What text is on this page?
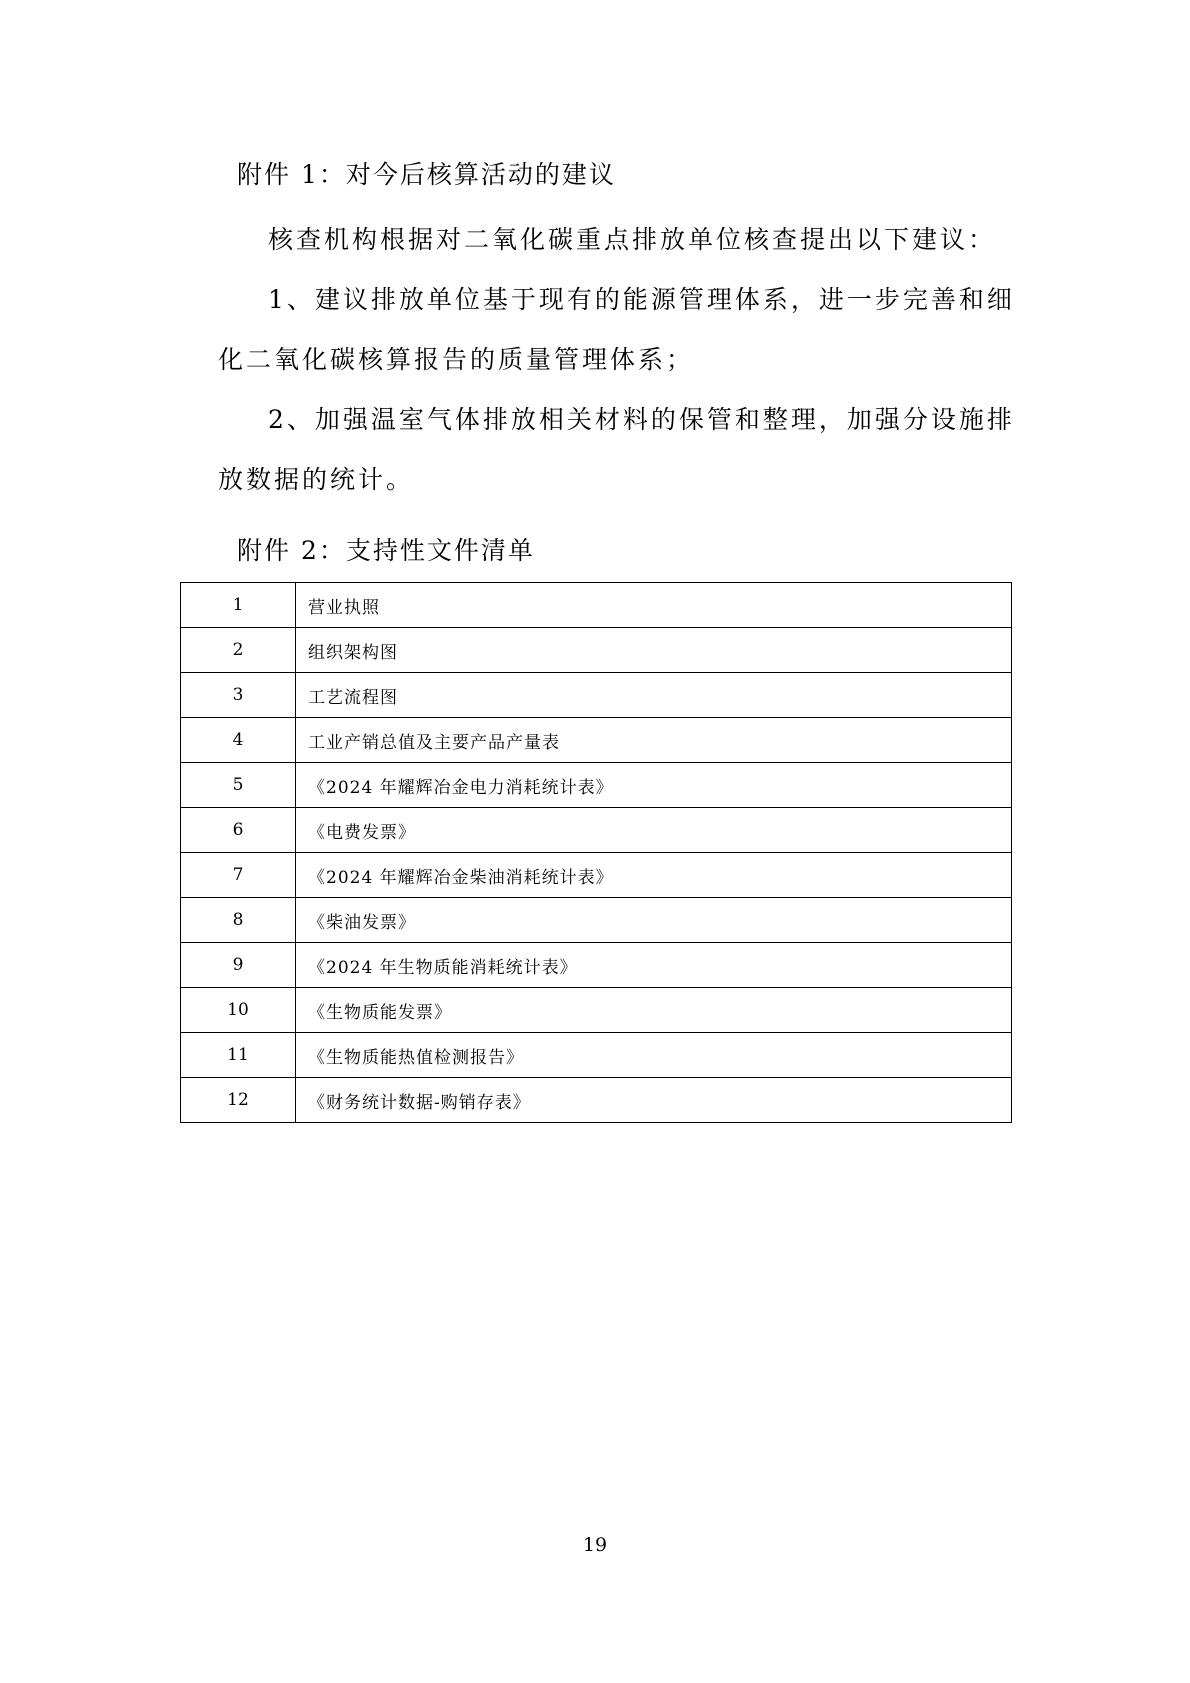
附件 1：对今后核算活动的建议
核查机构根据对二氧化碳重点排放单位核查提出以下建议：
1、建议排放单位基于现有的能源管理体系，进一步完善和细化二氧化碳核算报告的质量管理体系；
2、加强温室气体排放相关材料的保管和整理，加强分设施排放数据的统计。
附件 2：支持性文件清单
1	营业执照
2	组织架构图
3	工艺流程图
4	工业产销总值及主要产品产量表
5	《2024 年耀辉冶金电力消耗统计表》
6	《电费发票》
7	《2024 年耀辉冶金柴油消耗统计表》
8	《柴油发票》
9	《2024 年生物质能消耗统计表》
10	《生物质能发票》
11	《生物质能热值检测报告》
12	《财务统计数据-购销存表》
19
